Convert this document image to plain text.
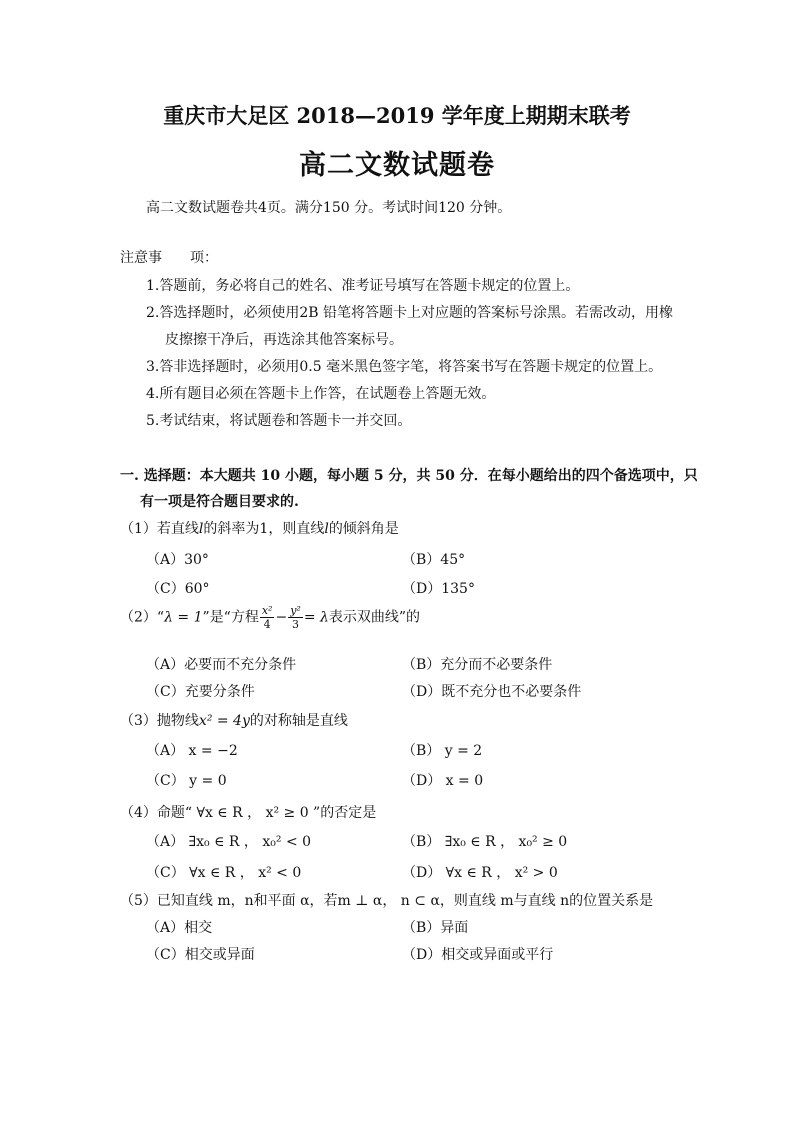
重庆市大足区 2018—2019 学年度上期期末联考
高二文数试题卷
高二文数试题卷共4页。满分150 分。考试时间120 分钟。
注意事　　项：
1.答题前，务必将自己的姓名、准考证号填写在答题卡规定的位置上。
2.答选择题时，必须使用2B 铅笔将答题卡上对应题的答案标号涂黑。若需改动，用橡
皮擦擦干净后，再选涂其他答案标号。
3.答非选择题时，必须用0.5 毫米黑色签字笔，将答案书写在答题卡规定的位置上。
4.所有题目必须在答题卡上作答，在试题卷上答题无效。
5.考试结束，将试题卷和答题卡一并交回。
一. 选择题：本大题共 10 小题，每小题 5 分，共 50 分．在每小题给出的四个备选项中，只
有一项是符合题目要求的.
（1）若直线l的斜率为1，则直线l的倾斜角是
（A）30°	（B）45°
（C）60°	（D）135°
（2）“λ = 1”是“方程 $\frac{\text{x²}}{4} - \frac{\text{y²}}{3} = \lambda$表示双曲线”的
（A）必要而不充分条件	（B）充分而不必要条件
（C）充要分条件	（D）既不充分也不必要条件
（3）抛物线x² = 4y的对称轴是直线
（A） x = −2	（B） y = 2
（C） y = 0	（D） x = 0
（4）命题“ ∀x ∈ R ， x² ≥ 0 ”的否定是
（A） ∃x₀ ∈ R ， x₀² < 0	（B） ∃x₀ ∈ R ， x₀² ≥ 0
（C） ∀x ∈ R ， x² < 0	（D） ∀x ∈ R ， x² > 0
（5）已知直线 m，n和平面 α，若m ⊥ α， n ⊂ α，则直线 m与直线 n的位置关系是
（A）相交	（B）异面
（C）相交或异面	（D）相交或异面或平行
